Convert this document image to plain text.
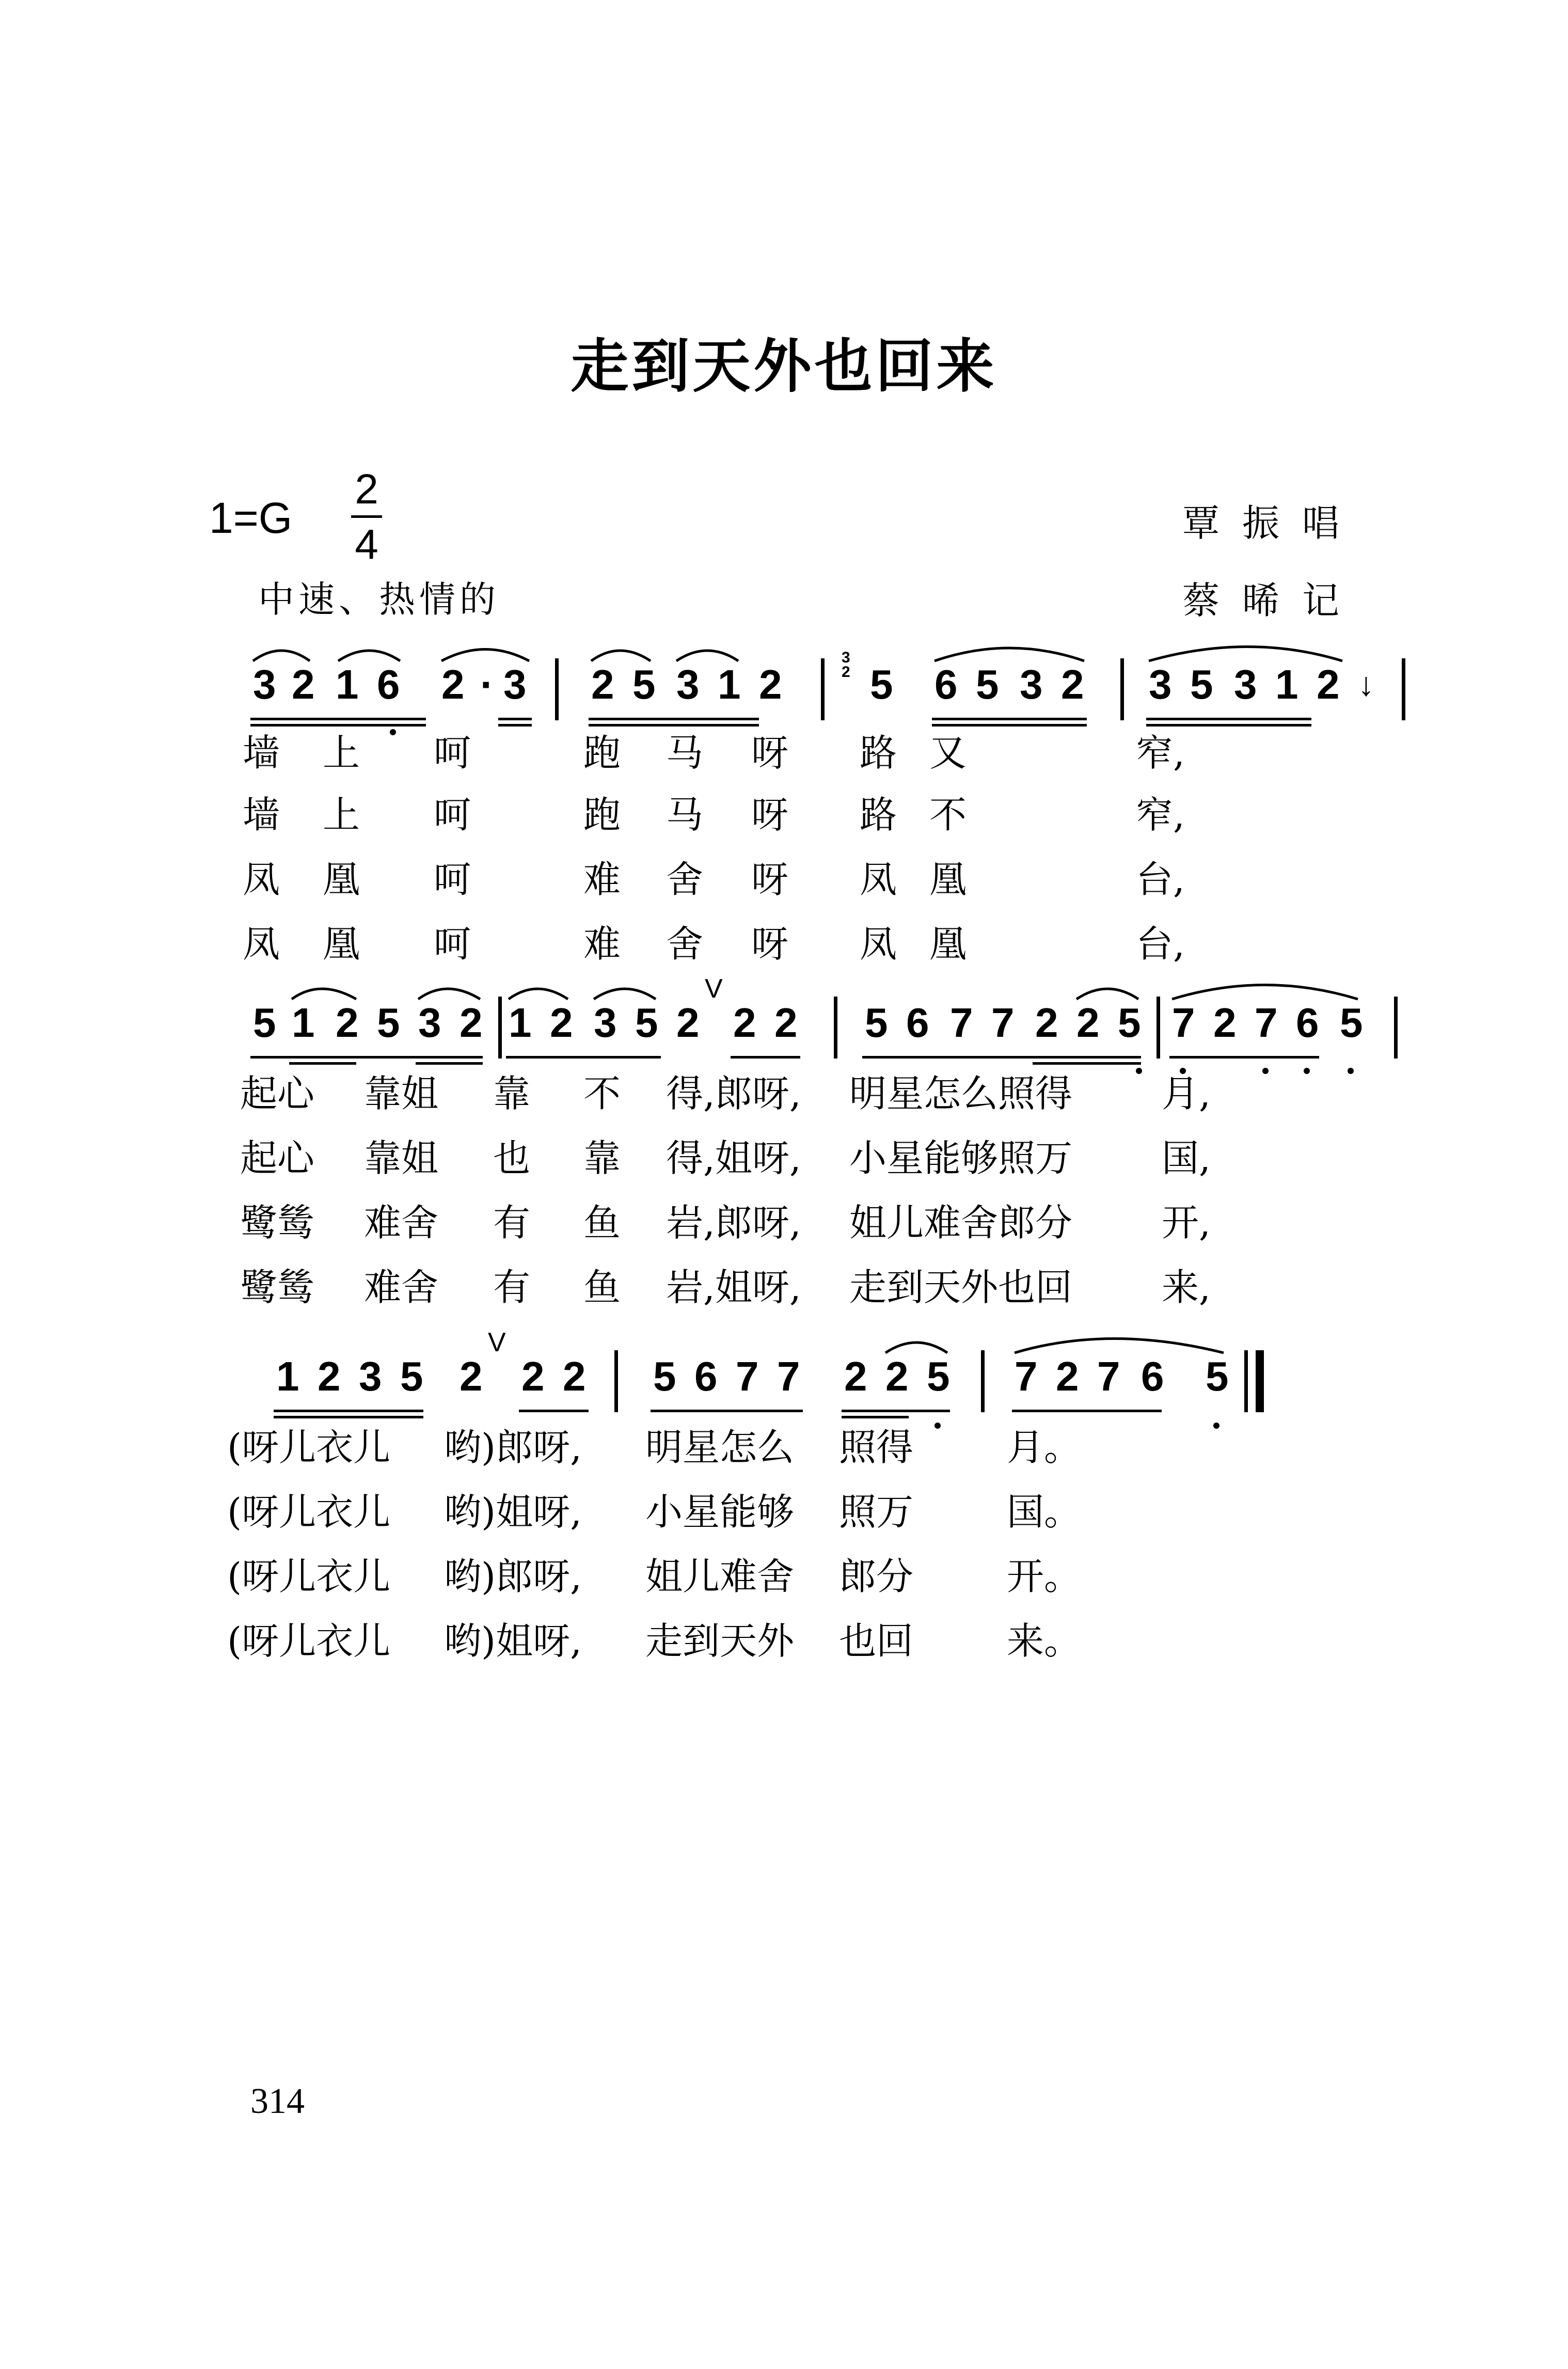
走到天外也回来
1=G
2
4
中速、热情的
覃振唱
蔡晞记
3 2 1 6 2 · 3 2 5 3 1 2 5 6 5 3 2 3 5 3 1 2 ↓
3
2
墙 上 呵	跑 马 呀 路 又	窄,
墙 上 呵	跑 马 呀 路 不	窄,
凤 凰 呵	难 舍 呀 凤 凰	台,
凤 凰 呵	难 舍 呀 凤 凰	台,
5 1 2 5 3 2 1 2 3 5 2 2 2 5 6 7 7 2 2 5 7 2 7 6 5
V
起心 靠姐 靠 不 得,郎呀, 明星怎么照得 月,
起心 靠姐 也 靠 得,姐呀, 小星能够照万 国,
鹭鸶 难舍 有 鱼 岩,郎呀, 姐儿难舍郎分 开,
鹭鸶 难舍 有 鱼 岩,姐呀, 走到天外也回 来,
1 2 3 5 2 2 2 5 6 7 7 2 2 5 7 2 7 6 5
V
(呀儿衣儿 哟)郎呀, 明星怎么 照得	月。
(呀儿衣儿 哟)姐呀, 小星能够 照万	国。
(呀儿衣儿 哟)郎呀, 姐儿难舍 郎分	开。
(呀儿衣儿 哟)姐呀, 走到天外 也回	来。
314
